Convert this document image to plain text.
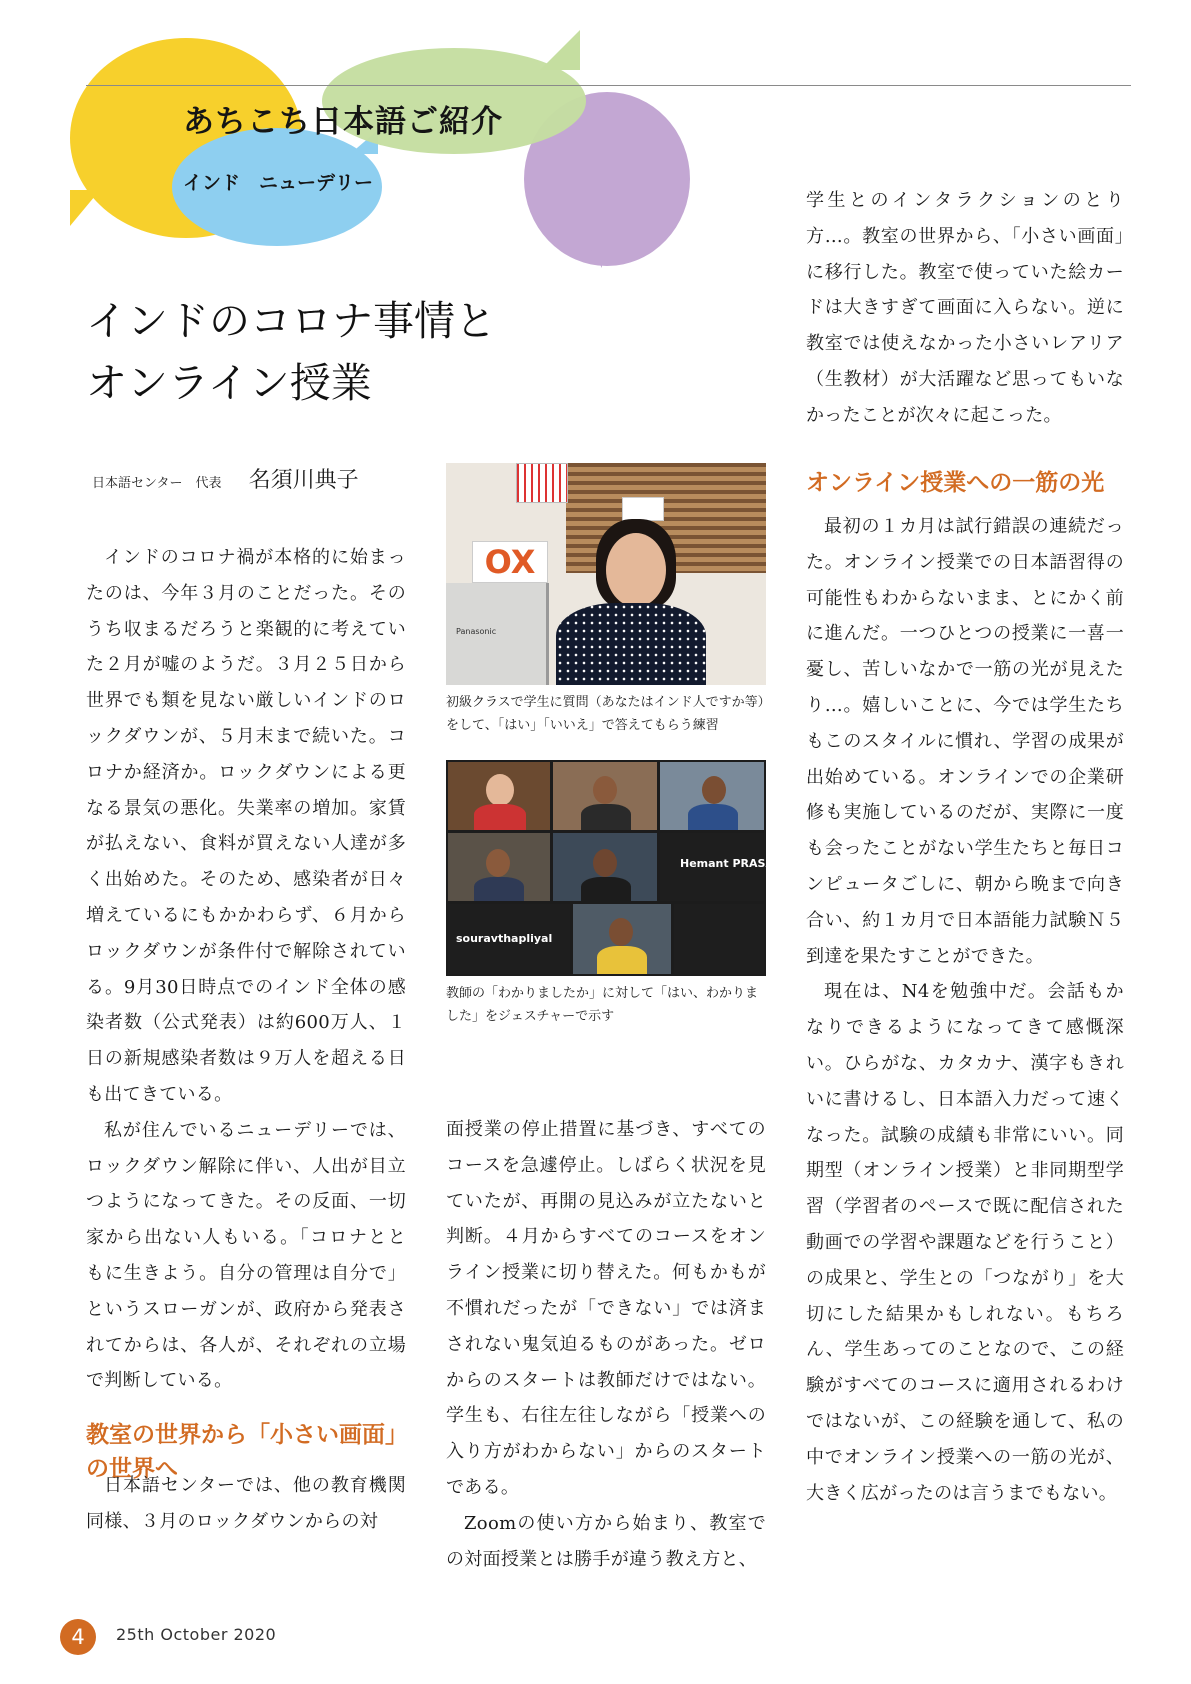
あちこち日本語ご紹介
インド　ニューデリー
インドのコロナ事情と
オンライン授業
日本語センター　代表 名須川典子

インドのコロナ禍が本格的に始まったのは、今年３月のことだった。そのうち収まるだろうと楽観的に考えていた２月が嘘のようだ。３月２５日から世界でも類を見ない厳しいインドのロックダウンが、５月末まで続いた。コロナか経済か。ロックダウンによる更なる景気の悪化。失業率の増加。家賃が払えない、食料が買えない人達が多く出始めた。そのため、感染者が日々増えているにもかかわらず、６月からロックダウンが条件付で解除されている。9月30日時点でのインド全体の感染者数（公式発表）は約600万人、１日の新規感染者数は９万人を超える日も出てきている。

私が住んでいるニューデリーでは、ロックダウン解除に伴い、人出が目立つようになってきた。その反面、一切家から出ない人もいる。「コロナとともに生きよう。自分の管理は自分で」というスローガンが、政府から発表されてからは、各人が、それぞれの立場で判断している。

教室の世界から「小さい画面」
の世界へ

日本語センターでは、他の教育機関同様、３月のロックダウンからの対

OX
Panasonic
初級クラスで学生に質問（あなたはインド人ですか等）をして、「はい」「いいえ」で答えてもらう練習
Hemant PRASA
souravthapliyal
教師の「わかりましたか」に対して「はい、わかりました」をジェスチャーで示す

面授業の停止措置に基づき、すべてのコースを急遽停止。しばらく状況を見ていたが、再開の見込みが立たないと判断。４月からすべてのコースをオンライン授業に切り替えた。何もかもが不慣れだったが「できない」では済まされない鬼気迫るものがあった。ゼロからのスタートは教師だけではない。学生も、右往左往しながら「授業への入り方がわからない」からのスタートである。

Zoomの使い方から始まり、教室での対面授業とは勝手が違う教え方と、

学生とのインタラクションのとり方…。教室の世界から、「小さい画面」に移行した。教室で使っていた絵カードは大きすぎて画面に入らない。逆に教室では使えなかった小さいレアリア（生教材）が大活躍など思ってもいなかったことが次々に起こった。

オンライン授業への一筋の光

最初の１カ月は試行錯誤の連続だった。オンライン授業での日本語習得の可能性もわからないまま、とにかく前に進んだ。一つひとつの授業に一喜一憂し、苦しいなかで一筋の光が見えたり…。嬉しいことに、今では学生たちもこのスタイルに慣れ、学習の成果が出始めている。オンラインでの企業研修も実施しているのだが、実際に一度も会ったことがない学生たちと毎日コンピュータごしに、朝から晩まで向き合い、約１カ月で日本語能力試験Ｎ５到達を果たすことができた。

現在は、N4を勉強中だ。会話もかなりできるようになってきて感慨深い。ひらがな、カタカナ、漢字もきれいに書けるし、日本語入力だって速くなった。試験の成績も非常にいい。同期型（オンライン授業）と非同期型学習（学習者のペースで既に配信された動画での学習や課題などを行うこと）の成果と、学生との「つながり」を大切にした結果かもしれない。もちろん、学生あってのことなので、この経験がすべてのコースに適用されるわけではないが、この経験を通して、私の中でオンライン授業への一筋の光が、大きく広がったのは言うまでもない。

4	25th October 2020
